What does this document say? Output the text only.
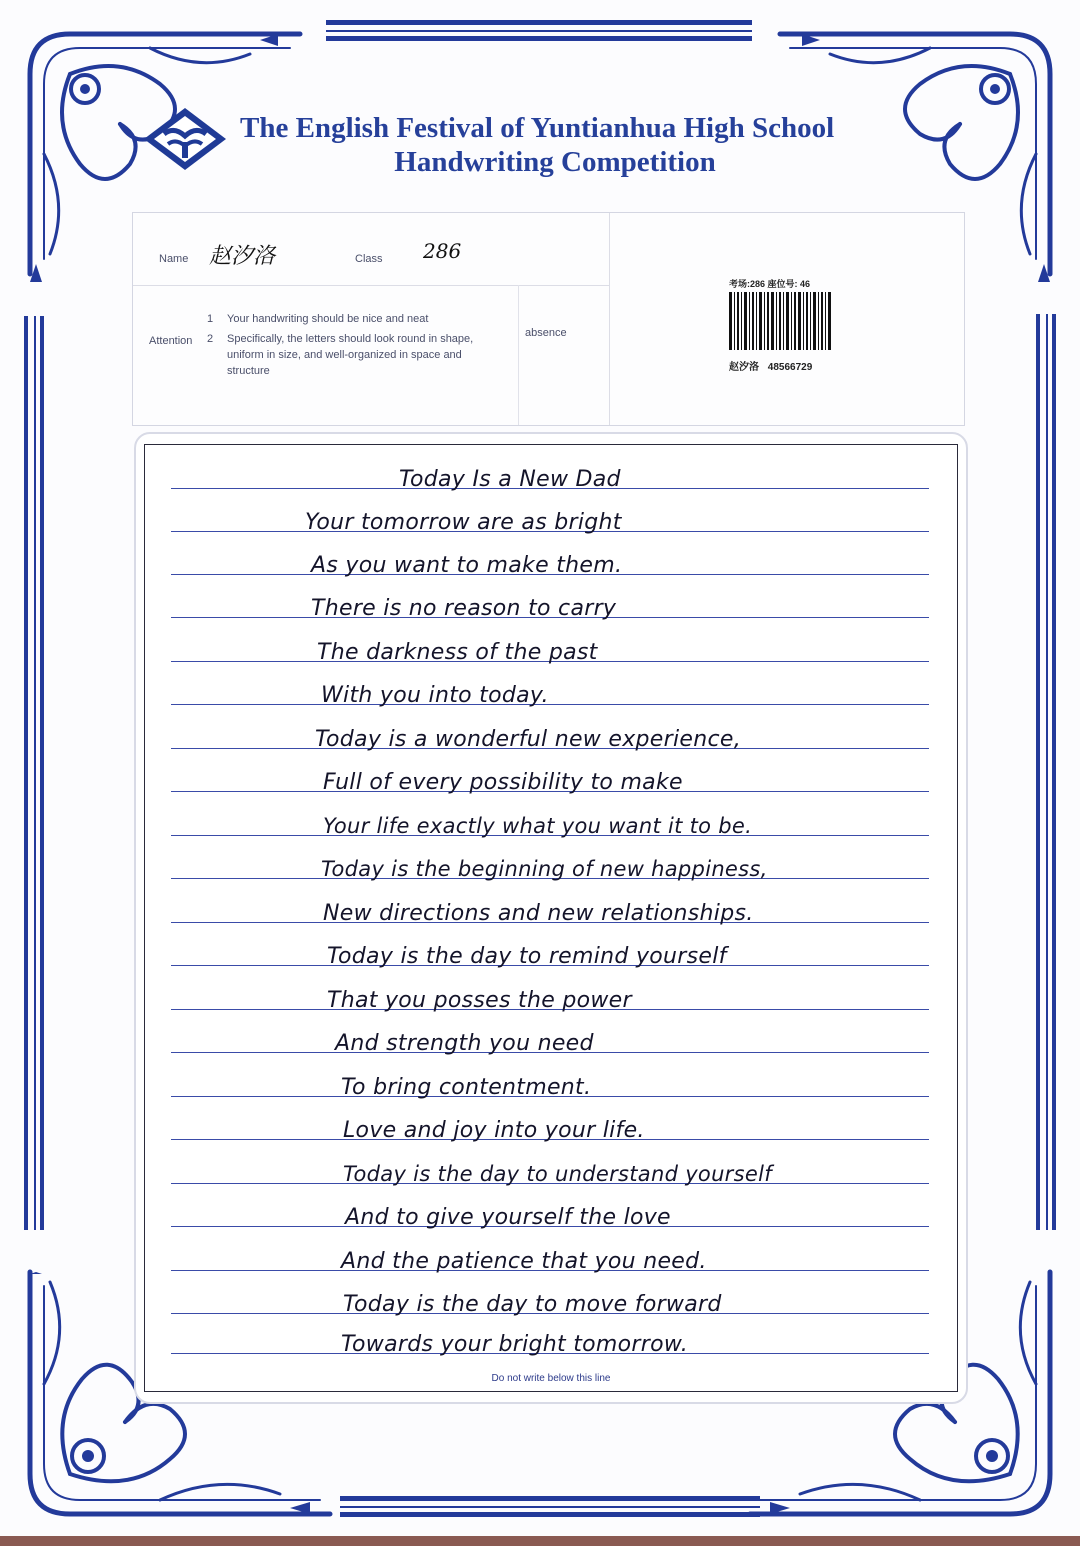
The English Festival of Yuntianhua High School
Handwriting Competition
Name 赵汐洛	Class 286
Attention
1 Your handwriting should be nice and neat
2 Specifically, the letters should look round in shape, uniform in size, and well-organized in space and structure
absence
考场:286 座位号: 46
赵汐洛 48566729
Today Is a New Dad
Your tomorrow are as bright
As you want to make them.
There is no reason to carry
The darkness of the past
With you into today.
Today is a wonderful new experience,
Full of every possibility to make
Your life exactly what you want it to be.
Today is the beginning of new happiness,
New directions and new relationships.
Today is the day to remind yourself
That you posses the power
And strength you need
To bring contentment.
Love and joy into your life.
Today is the day to understand yourself
And to give yourself the love
And the patience that you need.
Today is the day to move forward
Towards your bright tomorrow.
Do not write below this line
